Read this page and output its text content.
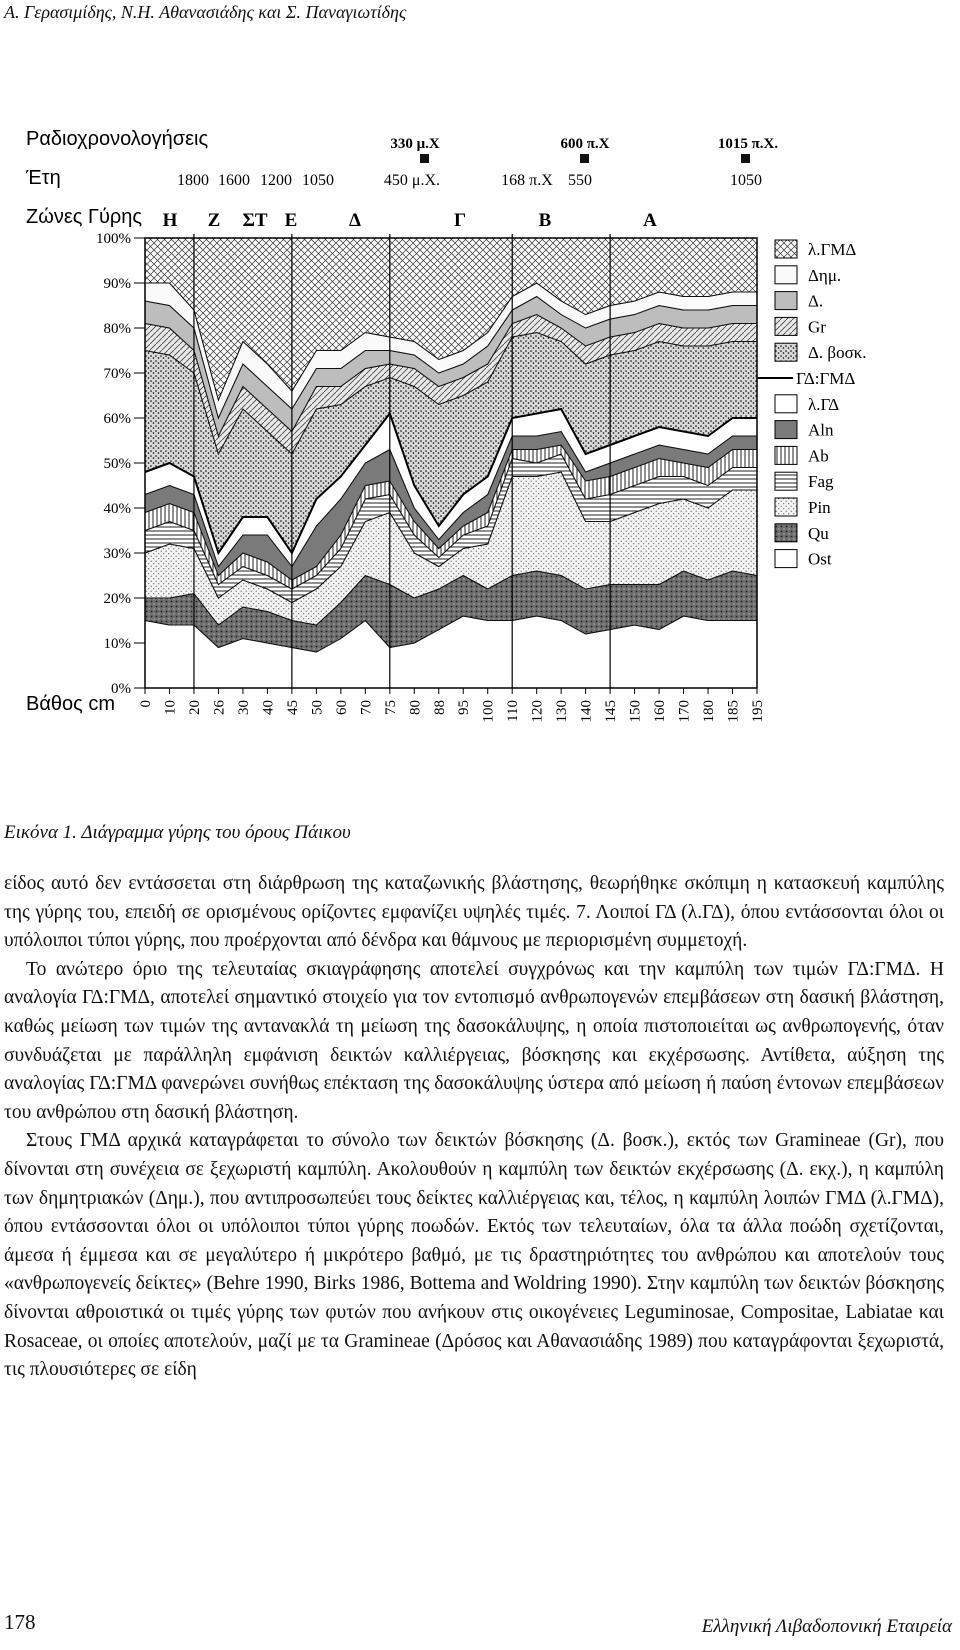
Α. Γερασιμίδης, Ν.Η. Αθανασιάδης και Σ. Παναγιωτίδης
Ραδιοχρονολογήσεις
Έτη
Ζώνες Γύρης
Βάθος cm
330 μ.Χ	600 π.Χ	1015 π.Χ.
1800 1600 1200 1050	450 μ.Χ.	168 π.Χ 550	1050
Η Ζ ΣΤ Ε	Δ	Γ	Β	Α
0%
10%
20%
30%
40%
50%
60%
70%
80%
90%
100%
0 10 20 26 30 40 45 50 60 70 75 80 88 95 100 110 120 130 140 145 150 160 170 180 185 195
λ.ΓΜΔ
Δημ.
Δ.
Gr
Δ. βοσκ.
ΓΔ:ΓΜΔ
λ.ΓΔ
Aln
Ab
Fag
Pin
Qu
Ost
Εικόνα 1. Διάγραμμα γύρης του όρους Πάικου

είδος αυτό δεν εντάσσεται στη διάρθρωση της καταζωνικής βλάστησης, θεωρήθηκε σκόπιμη η κατασκευή καμπύλης της γύρης του, επειδή σε ορισμένους ορίζοντες εμφανίζει υψηλές τιμές. 7. Λοιποί ΓΔ (λ.ΓΔ), όπου εντάσσονται όλοι οι υπόλοιποι τύποι γύρης, που προέρχονται από δένδρα και θάμνους με περιορισμένη συμμετοχή.

Το ανώτερο όριο της τελευταίας σκιαγράφησης αποτελεί συγχρόνως και την καμπύλη των τιμών ΓΔ:ΓΜΔ. Η αναλογία ΓΔ:ΓΜΔ, αποτελεί σημαντικό στοιχείο για τον εντοπισμό ανθρωπογενών επεμβάσεων στη δασική βλάστηση, καθώς μείωση των τιμών της αντανακλά τη μείωση της δασοκάλυψης, η οποία πιστοποιείται ως ανθρωπογενής, όταν συνδυάζεται με παράλληλη εμφάνιση δεικτών καλλιέργειας, βόσκησης και εκχέρσωσης. Αντίθετα, αύξηση της αναλογίας ΓΔ:ΓΜΔ φανερώνει συνήθως επέκταση της δασοκάλυψης ύστερα από μείωση ή παύση έντονων επεμβάσεων του ανθρώπου στη δασική βλάστηση.

Στους ΓΜΔ αρχικά καταγράφεται το σύνολο των δεικτών βόσκησης (Δ. βοσκ.), εκτός των Gramineae (Gr), που δίνονται στη συνέχεια σε ξεχωριστή καμπύλη. Ακολουθούν η καμπύλη των δεικτών εκχέρσωσης (Δ. εκχ.), η καμπύλη των δημητριακών (Δημ.), που αντιπροσωπεύει τους δείκτες καλλιέργειας και, τέλος, η καμπύλη λοιπών ΓΜΔ (λ.ΓΜΔ), όπου εντάσσονται όλοι οι υπόλοιποι τύποι γύρης ποωδών. Εκτός των τελευταίων, όλα τα άλλα ποώδη σχετίζονται, άμεσα ή έμμεσα και σε μεγαλύτερο ή μικρότερο βαθμό, με τις δραστηριότητες του ανθρώπου και αποτελούν τους «ανθρωπογενείς δείκτες» (Behre 1990, Birks 1986, Bottema and Woldring 1990). Στην καμπύλη των δεικτών βόσκησης δίνονται αθροιστικά οι τιμές γύρης των φυτών που ανήκουν στις οικογένειες Leguminosae, Compositae, Labiatae και Rosaceae, οι οποίες αποτελούν, μαζί με τα Gramineae (Δρόσος και Αθανασιάδης 1989) που καταγράφονται ξεχωριστά, τις πλουσιότερες σε είδη

178	Ελληνική Λιβαδοπονική Εταιρεία
